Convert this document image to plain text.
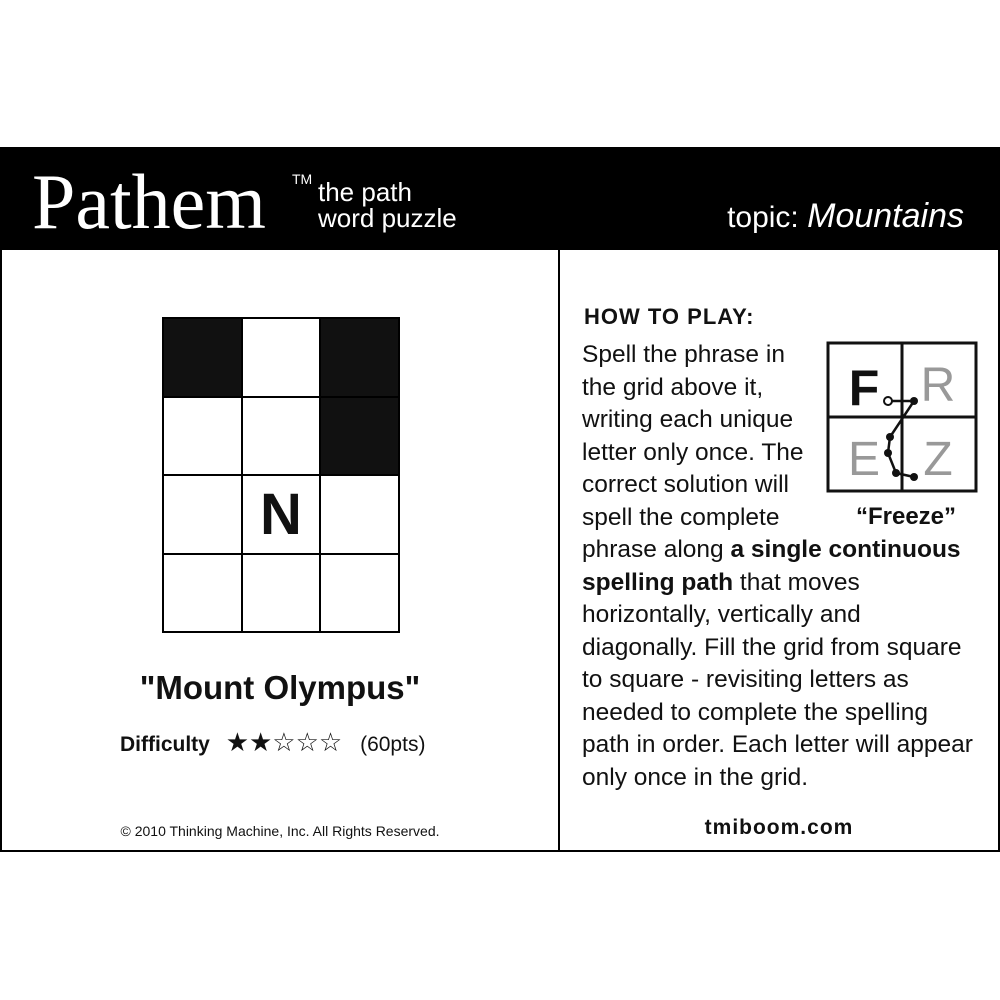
Pathem TM the path
word puzzle	topic: Mountains
N
"Mount Olympus"
Difficulty ★★☆☆☆ (60pts)
© 2010 Thinking Machine, Inc. All Rights Reserved.
HOW TO PLAY:
F R
E Z
“Freeze”
Spell the phrase in the grid above it, writing each unique letter only once. The correct solution will spell the complete phrase along a single continuous spelling path that moves horizontally, vertically and diagonally. Fill the grid from square to square - revisiting letters as needed to complete the spelling path in order. Each letter will appear only once in the grid.
tmiboom.com
